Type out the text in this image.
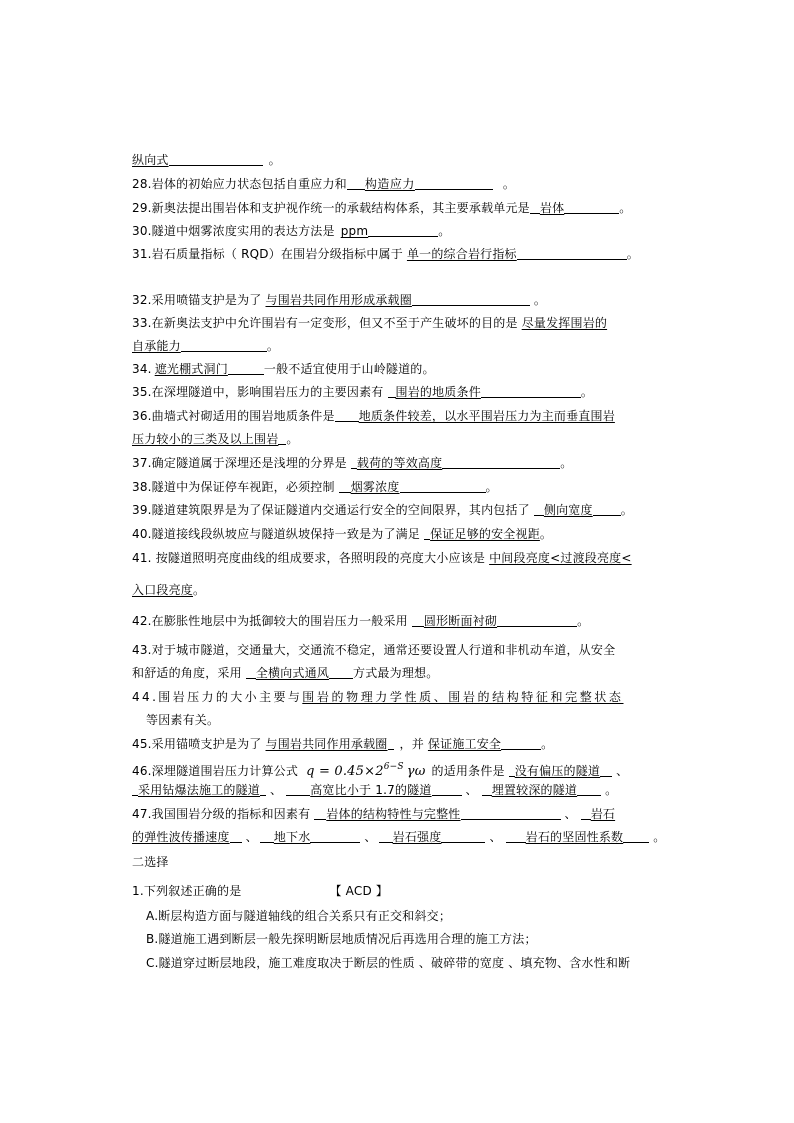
纵向式	。
28.岩体的初始应力状态包括自重应力和 构造应力	。
29.新奥法提出围岩体和支护视作统一的承载结构体系，其主要承载单元是 岩体	。
30.隧道中烟雾浓度实用的表达方法是 ppm	。
31.岩石质量指标（ RQD）在围岩分级指标中属于 单一的综合岩行指标	。
32.采用喷锚支护是为了 与围岩共同作用形成承载圈	。
33.在新奥法支护中允许围岩有一定变形，但又不至于产生破坏的目的是 尽量发挥围岩的
自承能力	。
34. 遮光棚式洞门	一般不适宜使用于山岭隧道的。
35.在深埋隧道中，影响围岩压力的主要因素有 围岩的地质条件	。
36.曲墙式衬砌适用的围岩地质条件是 地质条件较差，以水平围岩压力为主而垂直围岩
压力较小的三类及以上围岩 。
37.确定隧道属于深埋还是浅埋的分界是 载荷的等效高度	。
38.隧道中为保证停车视距，必须控制 烟雾浓度	。
39.隧道建筑限界是为了保证隧道内交通运行安全的空间限界，其内包括了 侧向宽度 。
40.隧道接线段纵坡应与隧道纵坡保持一致是为了满足 保证足够的安全视距。
41. 按隧道照明亮度曲线的组成要求，各照明段的亮度大小应该是 中间段亮度<过渡段亮度<
入口段亮度。
42.在膨胀性地层中为抵御较大的围岩压力一般采用 圆形断面衬砌	。
43.对于城市隧道，交通量大，交通流不稳定，通常还要设置人行道和非机动车道，从安全
和舒适的角度，采用 全横向式通风 方式最为理想。
44.围岩压力的大小主要与围岩的物理力学性质、围岩的结构特征和完整状态
等因素有关。
45.采用锚喷支护是为了 与围岩共同作用承载圈 ，并 保证施工安全	。
46.深埋隧道围岩压力计算公式 $q = 0.45\times 2^{6-S}$ γω 的适用条件是 没有偏压的隧道 、
采用钻爆法施工的隧道 、 高宽比小于 1.7的隧道	、 埋置较深的隧道 。
47.我国围岩分级的指标和因素有 岩体的结构特性与完整性	、 岩石
的弹性波传播速度 、 地下水	、 岩石强度	、 岩石的坚固性系数	。
二选择
1.下列叙述正确的是	【 ACD 】
A.断层构造方面与隧道轴线的组合关系只有正交和斜交；
B.隧道施工遇到断层一般先探明断层地质情况后再选用合理的施工方法；
C.隧道穿过断层地段，施工难度取决于断层的性质 、破碎带的宽度 、填充物、含水性和断
